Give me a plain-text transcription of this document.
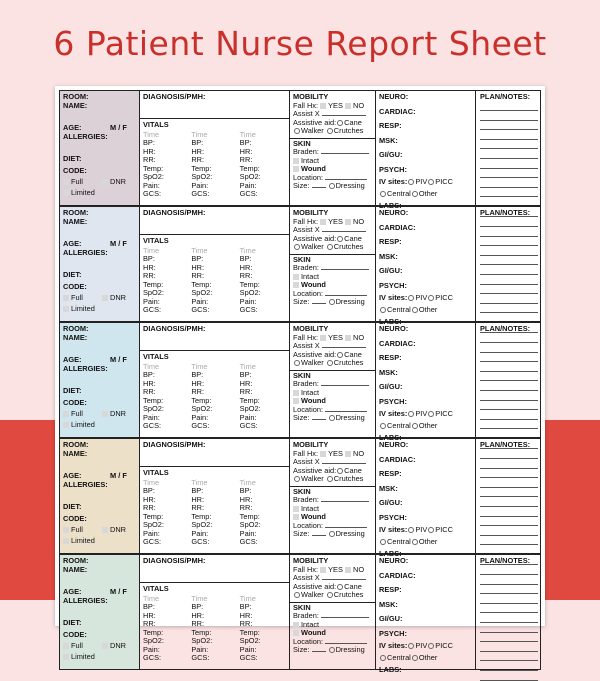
6 Patient Nurse Report Sheet
ROOM:
NAME:

AGE:	M / F

ALLERGIES:
DIET:
CODE:

Full	DNR

Limited

DIAGNOSIS/PMH:
VITALS
Time	Time	Time
BP:	BP:	BP:
HR:	HR:	HR:
RR:	RR:	RR:
Temp:	Temp:	Temp:
SpO2:	SpO2:	SpO2:
Pain:	Pain:	Pain:
GCS:	GCS:	GCS:
MOBILITY

Fall Hx: YES NO

Assist X

Assistive aid: Cane

Walker Crutches

SKIN

Braden:

Intact

Wound

Location:

Size:	Dressing

NEURO:
CARDIAC:
RESP:
MSK:
GI/GU:
PSYCH:

IV sites: PIV PICC

Central Other

LABS:
PLAN/NOTES:
ROOM:
NAME:

AGE:	M / F

ALLERGIES:
DIET:
CODE:

Full	DNR

Limited

DIAGNOSIS/PMH:
VITALS
Time	Time	Time
BP:	BP:	BP:
HR:	HR:	HR:
RR:	RR:	RR:
Temp:	Temp:	Temp:
SpO2:	SpO2:	SpO2:
Pain:	Pain:	Pain:
GCS:	GCS:	GCS:
MOBILITY

Fall Hx: YES NO

Assist X

Assistive aid: Cane

Walker Crutches

SKIN

Braden:

Intact

Wound

Location:

Size:	Dressing

NEURO:
CARDIAC:
RESP:
MSK:
GI/GU:
PSYCH:

IV sites: PIV PICC

Central Other

LABS:
PLAN/NOTES:
ROOM:
NAME:

AGE:	M / F

ALLERGIES:
DIET:
CODE:

Full	DNR

Limited

DIAGNOSIS/PMH:
VITALS
Time	Time	Time
BP:	BP:	BP:
HR:	HR:	HR:
RR:	RR:	RR:
Temp:	Temp:	Temp:
SpO2:	SpO2:	SpO2:
Pain:	Pain:	Pain:
GCS:	GCS:	GCS:
MOBILITY

Fall Hx: YES NO

Assist X

Assistive aid: Cane

Walker Crutches

SKIN

Braden:

Intact

Wound

Location:

Size:	Dressing

NEURO:
CARDIAC:
RESP:
MSK:
GI/GU:
PSYCH:

IV sites: PIV PICC

Central Other

LABS:
PLAN/NOTES:
ROOM:
NAME:

AGE:	M / F

ALLERGIES:
DIET:
CODE:

Full	DNR

Limited

DIAGNOSIS/PMH:
VITALS
Time	Time	Time
BP:	BP:	BP:
HR:	HR:	HR:
RR:	RR:	RR:
Temp:	Temp:	Temp:
SpO2:	SpO2:	SpO2:
Pain:	Pain:	Pain:
GCS:	GCS:	GCS:
MOBILITY

Fall Hx: YES NO

Assist X

Assistive aid: Cane

Walker Crutches

SKIN

Braden:

Intact

Wound

Location:

Size:	Dressing

NEURO:
CARDIAC:
RESP:
MSK:
GI/GU:
PSYCH:

IV sites: PIV PICC

Central Other

LABS:
PLAN/NOTES:
ROOM:
NAME:

AGE:	M / F

ALLERGIES:
DIET:
CODE:

Full	DNR

Limited

DIAGNOSIS/PMH:
VITALS
Time	Time	Time
BP:	BP:	BP:
HR:	HR:	HR:
RR:	RR:	RR:
Temp:	Temp:	Temp:
SpO2:	SpO2:	SpO2:
Pain:	Pain:	Pain:
GCS:	GCS:	GCS:
MOBILITY

Fall Hx: YES NO

Assist X

Assistive aid: Cane

Walker Crutches

SKIN

Braden:

Intact

Wound

Location:

Size:	Dressing

NEURO:
CARDIAC:
RESP:
MSK:
GI/GU:
PSYCH:

IV sites: PIV PICC

Central Other

LABS:
PLAN/NOTES:
